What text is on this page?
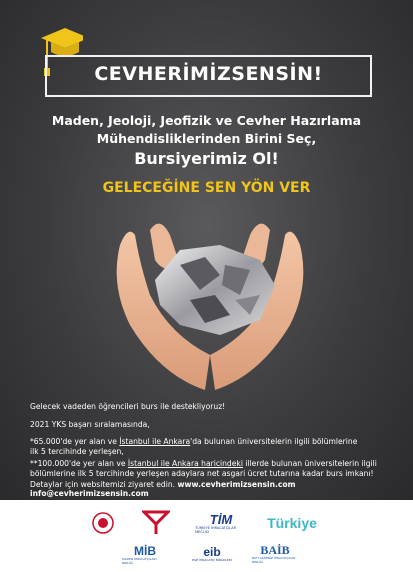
CEVHERİMİZSENSİN!
Maden, Jeoloji, Jeofizik ve Cevher Hazırlama
Mühendisliklerinden Birini Seç,
Bursiyerimiz Ol!
GELECEĞİNE SEN YÖN VER
Gelecek vadeden öğrencileri burs ile destekliyoruz!
2021 YKS başarı sıralamasında,
*65.000'de yer alan ve İstanbul ile Ankara'da bulunan üniversitelerin ilgili bölümlerine
ilk 5 tercihinde yerleşen,
Detaylar için websitemizi ziyaret edin. www.cevherimizsensin.com info@cevherimizsensin.com
**100.000'de yer alan ve İstanbul ile Ankara haricindeki illerde bulunan üniversitelerin ilgili
bölümlerine ilk 5 tercihinde yerleşen adaylara net asgari ücret tutarına kadar burs imkanı!
TİM
TÜRKİYE İHRACATÇILAR MECLİSİ
Türkiye
MİB
MADEN İHRACATÇILARI BİRLİĞİ
eib
EGE İHRACATÇI BİRLİKLERİ
BAİB
BATI AKDENİZ İHRACATÇILAR BİRLİĞİ
